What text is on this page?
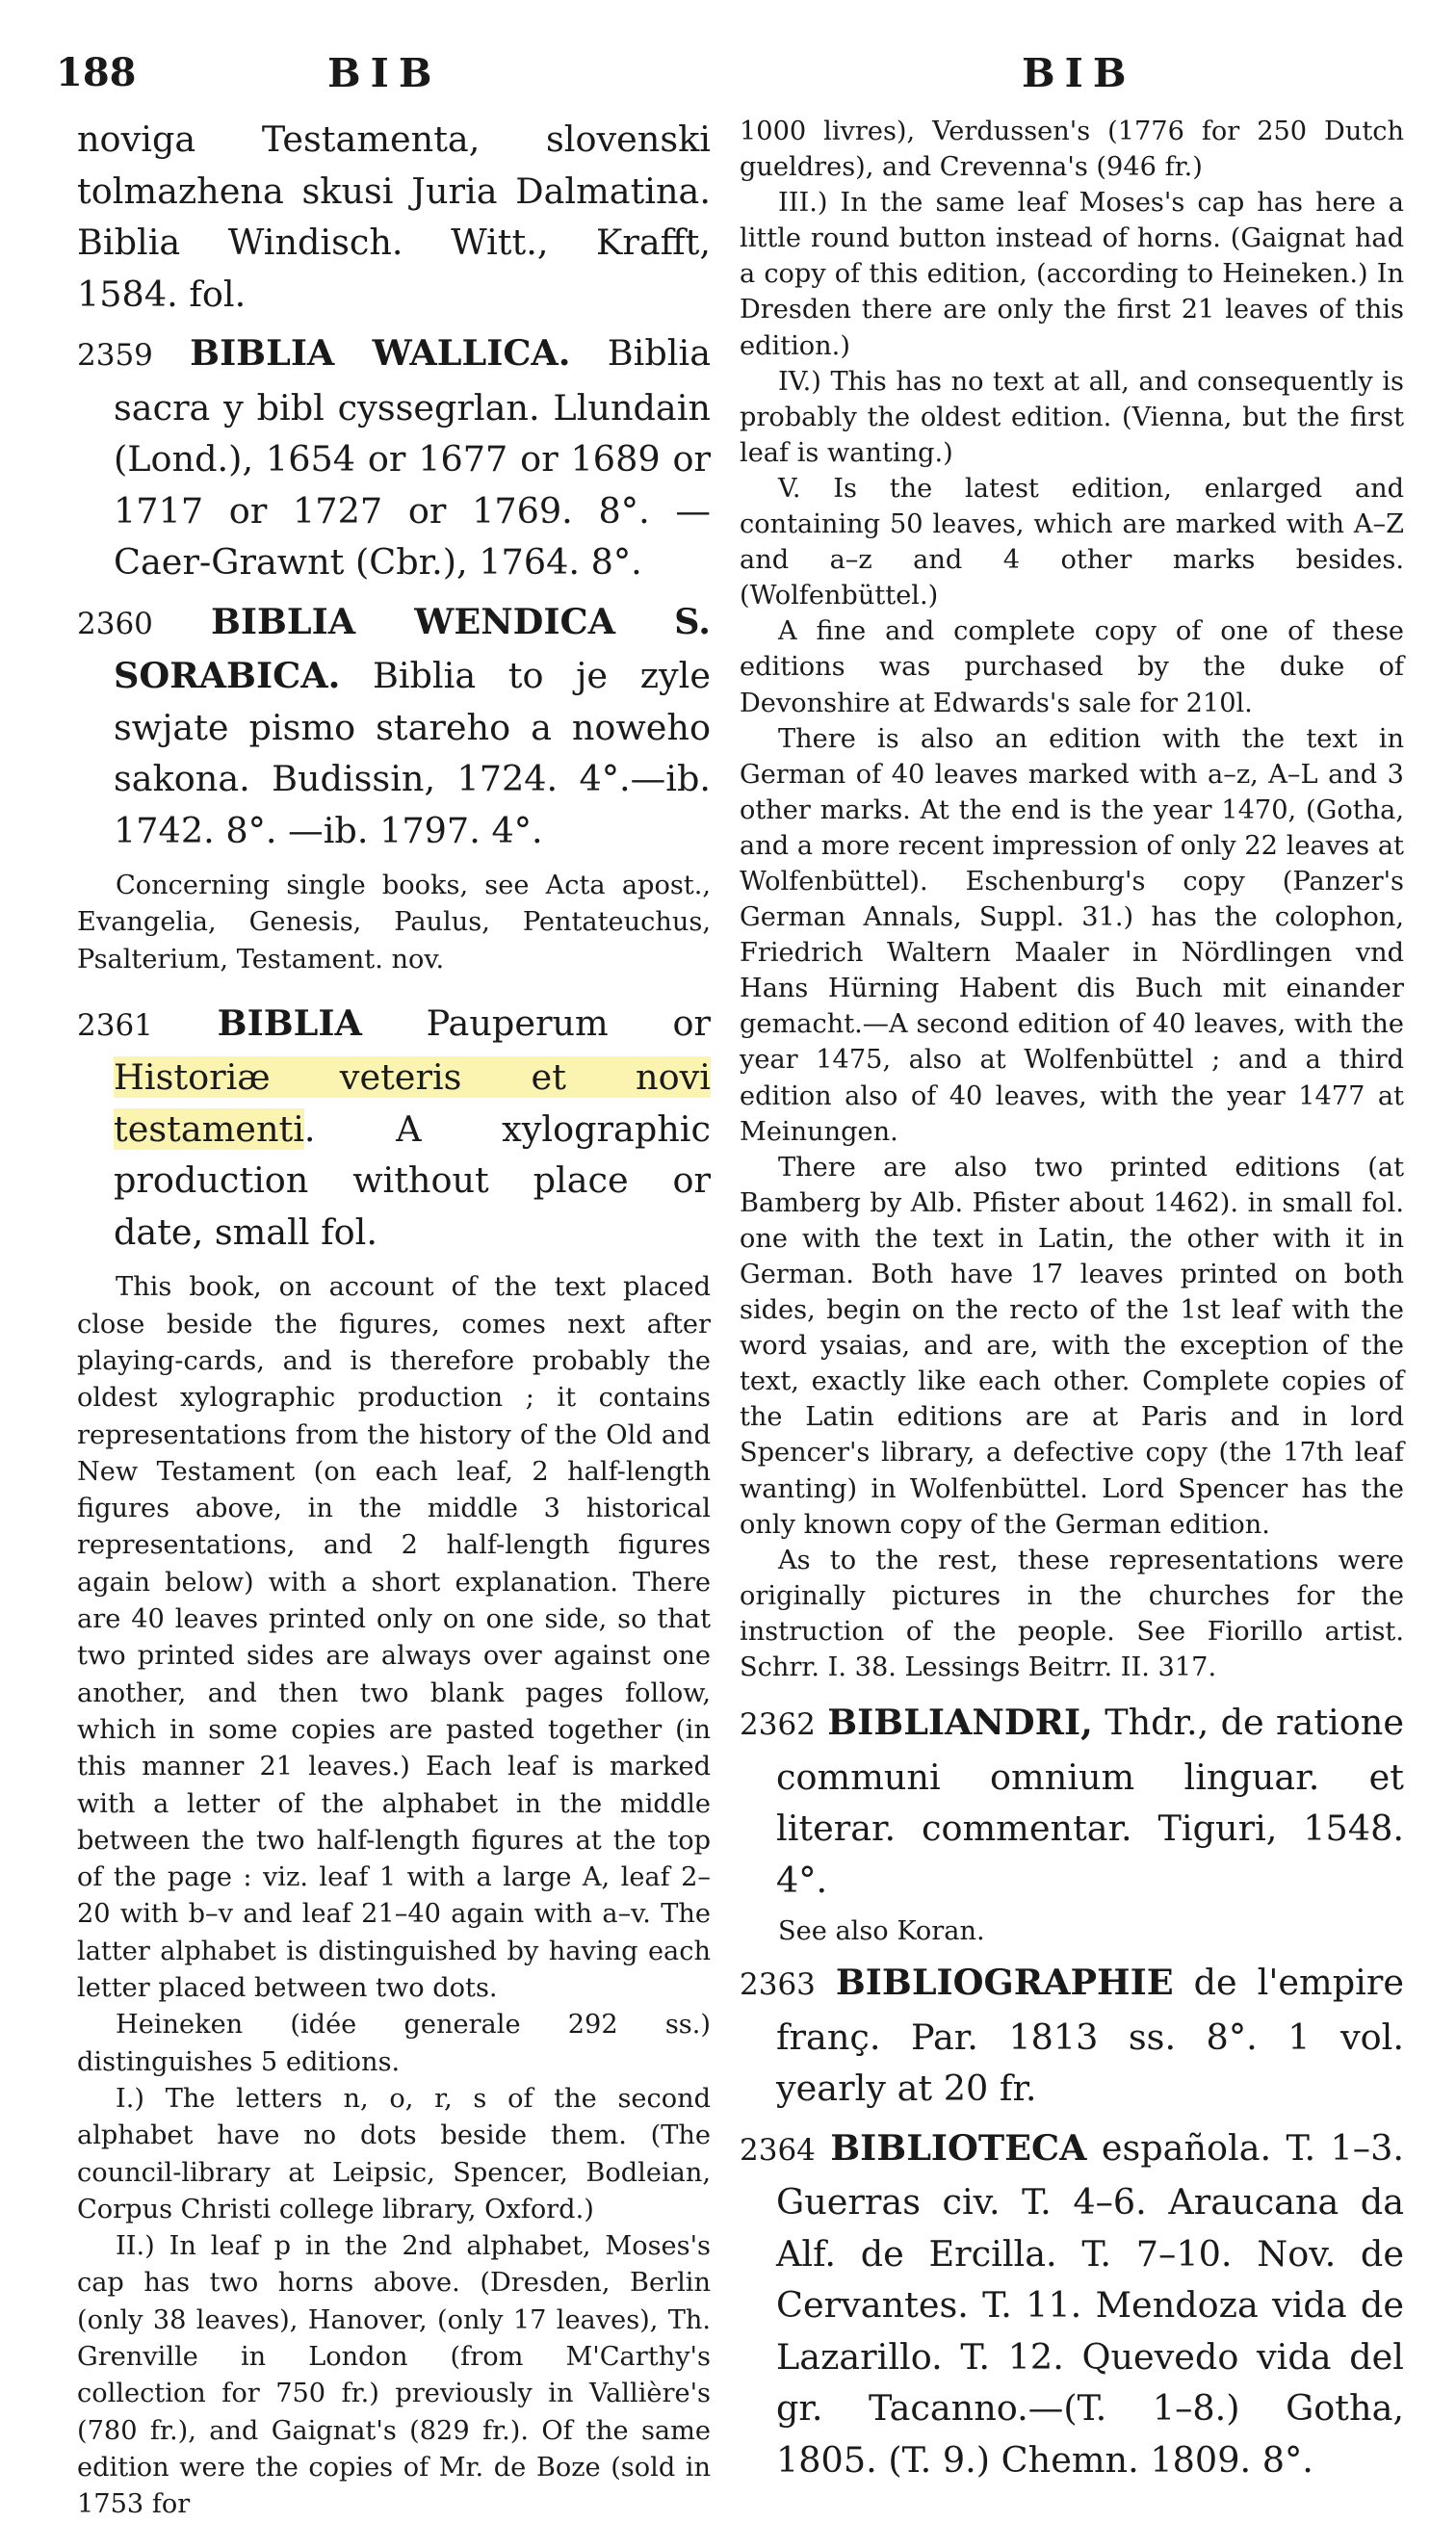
188	BIB	BIB

noviga Testamenta, slovenski tolmazhena skusi Juria Dalmatina. Biblia Windisch. Witt., Krafft, 1584. fol.

2359 BIBLIA WALLICA. Biblia sacra y bibl cyssegrlan. Llundain (Lond.), 1654 or 1677 or 1689 or 1717 or 1727 or 1769. 8°. — Caer-Grawnt (Cbr.), 1764. 8°.

2360 BIBLIA WENDICA S. SORABICA. Biblia to je zyle swjate pismo stareho a noweho sakona. Budissin, 1724. 4°.—ib. 1742. 8°. —ib. 1797. 4°.

Concerning single books, see Acta apost., Evangelia, Genesis, Paulus, Pentateuchus, Psalterium, Testament. nov.

2361 BIBLIA Pauperum or Historiæ veteris et novi testamenti. A xylographic production without place or date, small fol.

This book, on account of the text placed close beside the figures, comes next after playing-cards, and is therefore probably the oldest xylographic production ; it contains representations from the history of the Old and New Testament (on each leaf, 2 half-length figures above, in the middle 3 historical representations, and 2 half-length figures again below) with a short explanation. There are 40 leaves printed only on one side, so that two printed sides are always over against one another, and then two blank pages follow, which in some copies are pasted together (in this manner 21 leaves.) Each leaf is marked with a letter of the alphabet in the middle between the two half-length figures at the top of the page : viz. leaf 1 with a large A, leaf 2–20 with b–v and leaf 21–40 again with a–v. The latter alphabet is distinguished by having each letter placed between two dots.

Heineken (idée generale 292 ss.) distinguishes 5 editions.

I.) The letters n, o, r, s of the second alphabet have no dots beside them. (The council-library at Leipsic, Spencer, Bodleian, Corpus Christi college library, Oxford.)

II.) In leaf p in the 2nd alphabet, Moses's cap has two horns above. (Dresden, Berlin (only 38 leaves), Hanover, (only 17 leaves), Th. Grenville in London (from M'Carthy's collection for 750 fr.) previously in Vallière's (780 fr.), and Gaignat's (829 fr.). Of the same edition were the copies of Mr. de Boze (sold in 1753 for

1000 livres), Verdussen's (1776 for 250 Dutch gueldres), and Crevenna's (946 fr.)

III.) In the same leaf Moses's cap has here a little round button instead of horns. (Gaignat had a copy of this edition, (according to Heineken.) In Dresden there are only the first 21 leaves of this edition.)

IV.) This has no text at all, and consequently is probably the oldest edition. (Vienna, but the first leaf is wanting.)

V. Is the latest edition, enlarged and containing 50 leaves, which are marked with A–Z and a–z and 4 other marks besides. (Wolfenbüttel.)

A fine and complete copy of one of these editions was purchased by the duke of Devonshire at Edwards's sale for 210l.

There is also an edition with the text in German of 40 leaves marked with a–z, A–L and 3 other marks. At the end is the year 1470, (Gotha, and a more recent impression of only 22 leaves at Wolfenbüttel). Eschenburg's copy (Panzer's German Annals, Suppl. 31.) has the colophon, Friedrich Waltern Maaler in Nördlingen vnd Hans Hürning Habent dis Buch mit einander gemacht.—A second edition of 40 leaves, with the year 1475, also at Wolfenbüttel ; and a third edition also of 40 leaves, with the year 1477 at Meinungen.

There are also two printed editions (at Bamberg by Alb. Pfister about 1462). in small fol. one with the text in Latin, the other with it in German. Both have 17 leaves printed on both sides, begin on the recto of the 1st leaf with the word ysaias, and are, with the exception of the text, exactly like each other. Complete copies of the Latin editions are at Paris and in lord Spencer's library, a defective copy (the 17th leaf wanting) in Wolfenbüttel. Lord Spencer has the only known copy of the German edition.

As to the rest, these representations were originally pictures in the churches for the instruction of the people. See Fiorillo artist. Schrr. I. 38. Lessings Beitrr. II. 317.

2362 BIBLIANDRI, Thdr., de ratione communi omnium linguar. et literar. commentar. Tiguri, 1548. 4°.

See also Koran.

2363 BIBLIOGRAPHIE de l'empire franç. Par. 1813 ss. 8°. 1 vol. yearly at 20 fr.

2364 BIBLIOTECA española. T. 1–3. Guerras civ. T. 4–6. Araucana da Alf. de Ercilla. T. 7–10. Nov. de Cervantes. T. 11. Mendoza vida de Lazarillo. T. 12. Quevedo vida del gr. Tacanno.—(T. 1–8.) Gotha, 1805. (T. 9.) Chemn. 1809. 8°.
